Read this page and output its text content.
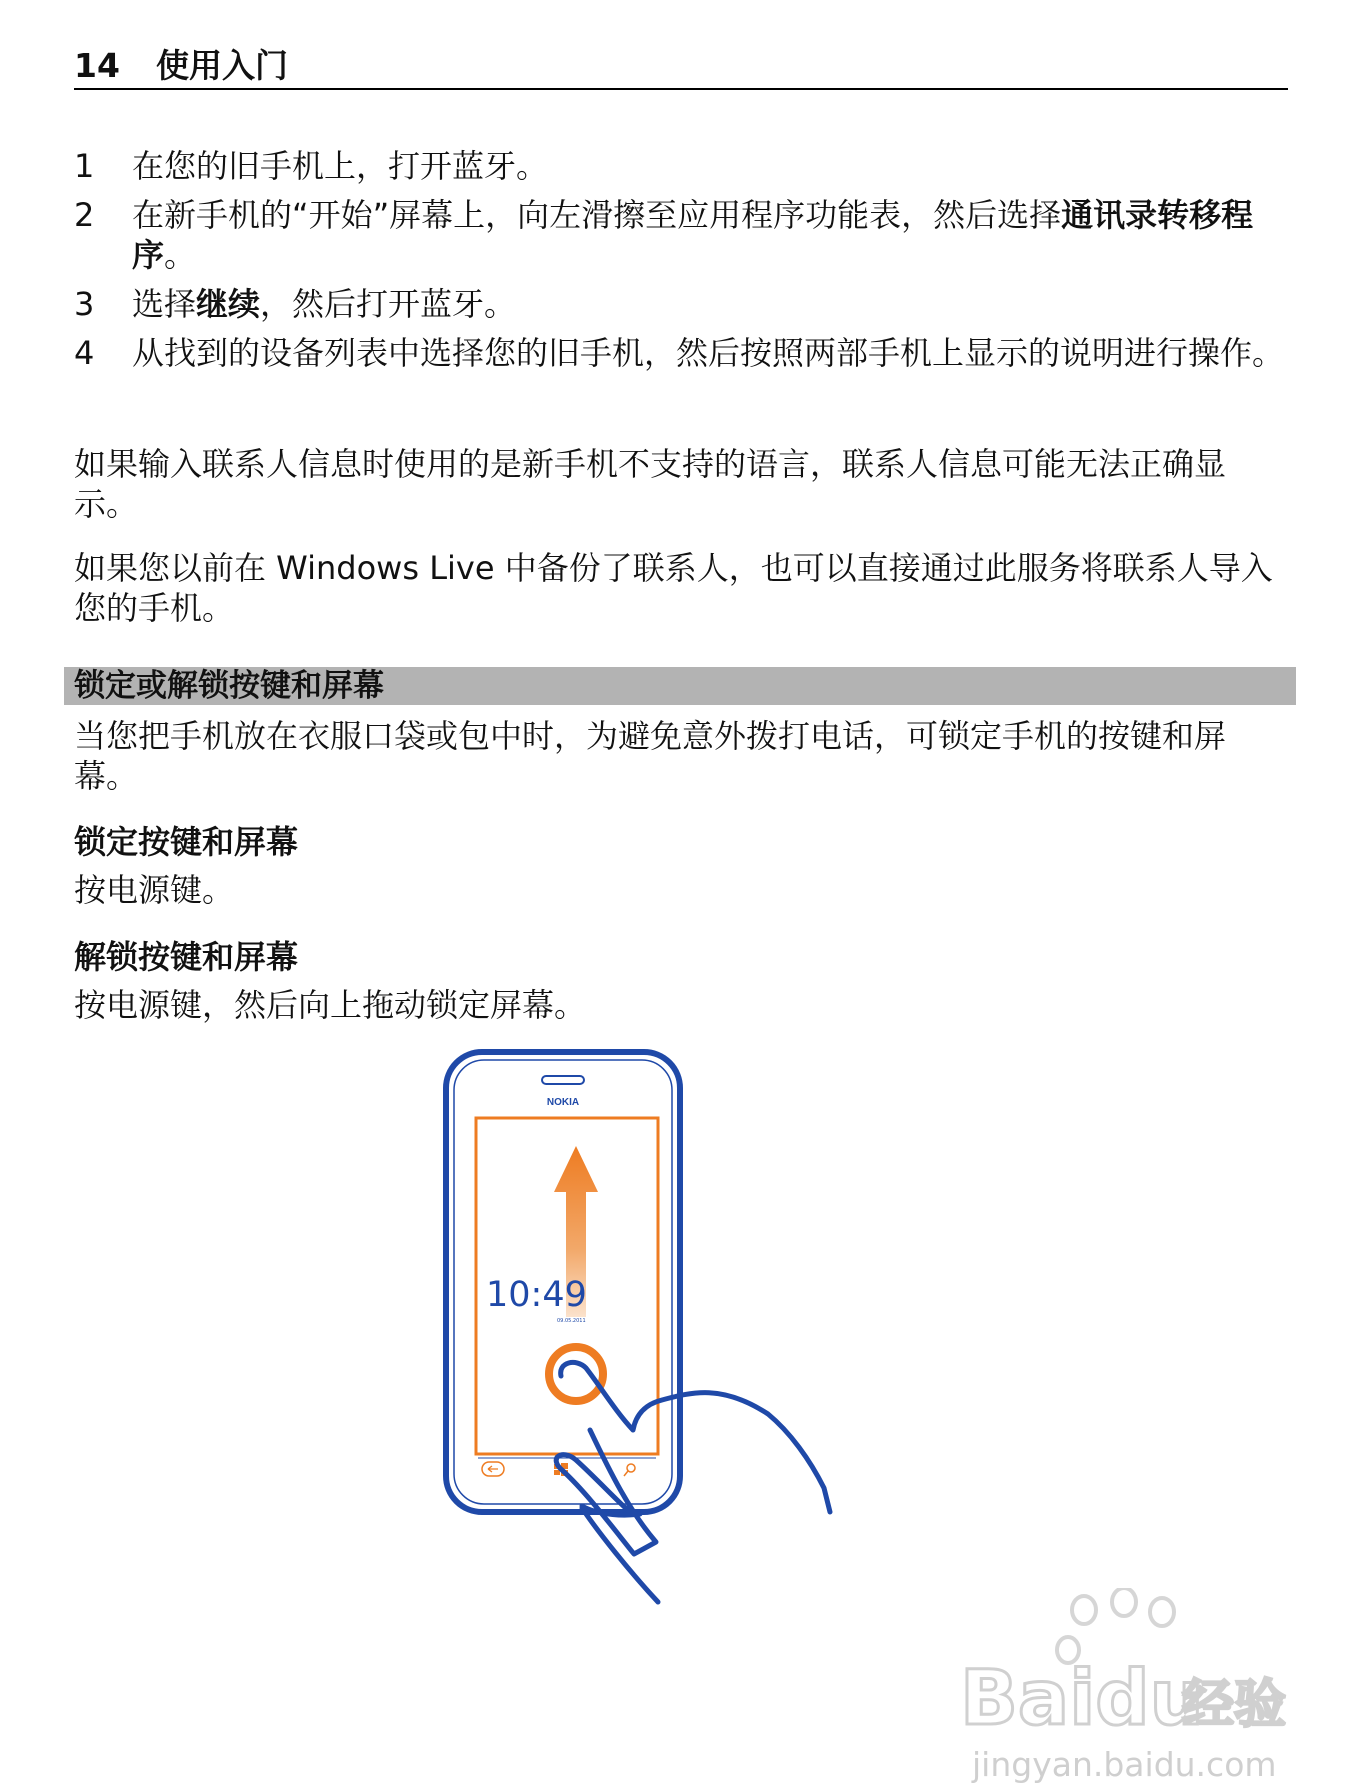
14 使用入门
1	在您的旧手机上，打开蓝牙。
2	在新手机的“开始”屏幕上，向左滑擦至应用程序功能表，然后选择通讯录转移程序。
3	选择继续，然后打开蓝牙。
4	从找到的设备列表中选择您的旧手机，然后按照两部手机上显示的说明进行操作。

如果输入联系人信息时使用的是新手机不支持的语言，联系人信息可能无法正确显示。

如果您以前在 Windows Live 中备份了联系人，也可以直接通过此服务将联系人导入您的手机。

锁定或解锁按键和屏幕

当您把手机放在衣服口袋或包中时，为避免意外拨打电话，可锁定手机的按键和屏幕。

锁定按键和屏幕

按电源键。

解锁按键和屏幕

按电源键，然后向上拖动锁定屏幕。

NOKIA
10:49
09.05.2011
Baidu
经验
jingyan.baidu.com
